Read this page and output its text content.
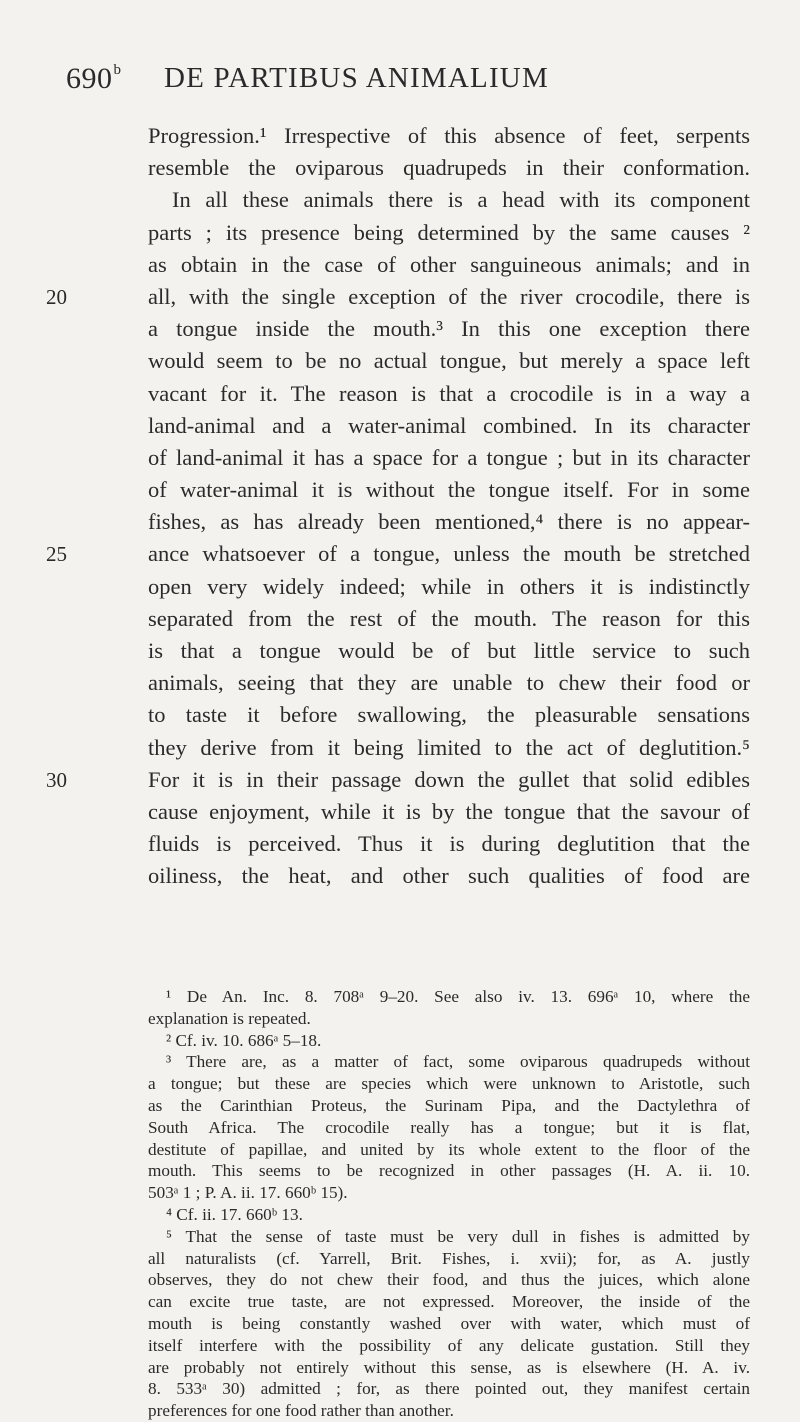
690$^b$ DE PARTIBUS ANIMALIUM
Progression.¹ Irrespective of this absence of feet, serpents
resemble the oviparous quadrupeds in their conformation.
In all these animals there is a head with its component
parts ; its presence being determined by the same causes ²
as obtain in the case of other sanguineous animals; and in
20	all, with the single exception of the river crocodile, there is
a tongue inside the mouth.³ In this one exception there
would seem to be no actual tongue, but merely a space left
vacant for it. The reason is that a crocodile is in a way a
land-animal and a water-animal combined. In its character
of land-animal it has a space for a tongue ; but in its character
of water-animal it is without the tongue itself. For in some
fishes, as has already been mentioned,⁴ there is no appear-
25	ance whatsoever of a tongue, unless the mouth be stretched
open very widely indeed; while in others it is indistinctly
separated from the rest of the mouth. The reason for this
is that a tongue would be of but little service to such
animals, seeing that they are unable to chew their food or
to taste it before swallowing, the pleasurable sensations
they derive from it being limited to the act of deglutition.⁵
30	For it is in their passage down the gullet that solid edibles
cause enjoyment, while it is by the tongue that the savour of
fluids is perceived. Thus it is during deglutition that the
oiliness, the heat, and other such qualities of food are
¹ De An. Inc. 8. 708ᵃ 9–20. See also iv. 13. 696ᵃ 10, where the
explanation is repeated.
² Cf. iv. 10. 686ᵃ 5–18.
³ There are, as a matter of fact, some oviparous quadrupeds without
a tongue; but these are species which were unknown to Aristotle, such
as the Carinthian Proteus, the Surinam Pipa, and the Dactylethra of
South Africa. The crocodile really has a tongue; but it is flat,
destitute of papillae, and united by its whole extent to the floor of the
mouth. This seems to be recognized in other passages (H. A. ii. 10.
503ᵃ 1 ; P. A. ii. 17. 660ᵇ 15).
⁴ Cf. ii. 17. 660ᵇ 13.
⁵ That the sense of taste must be very dull in fishes is admitted by
all naturalists (cf. Yarrell, Brit. Fishes, i. xvii); for, as A. justly
observes, they do not chew their food, and thus the juices, which alone
can excite true taste, are not expressed. Moreover, the inside of the
mouth is being constantly washed over with water, which must of
itself interfere with the possibility of any delicate gustation. Still they
are probably not entirely without this sense, as is elsewhere (H. A. iv.
8. 533ᵃ 30) admitted ; for, as there pointed out, they manifest certain
preferences for one food rather than another.
